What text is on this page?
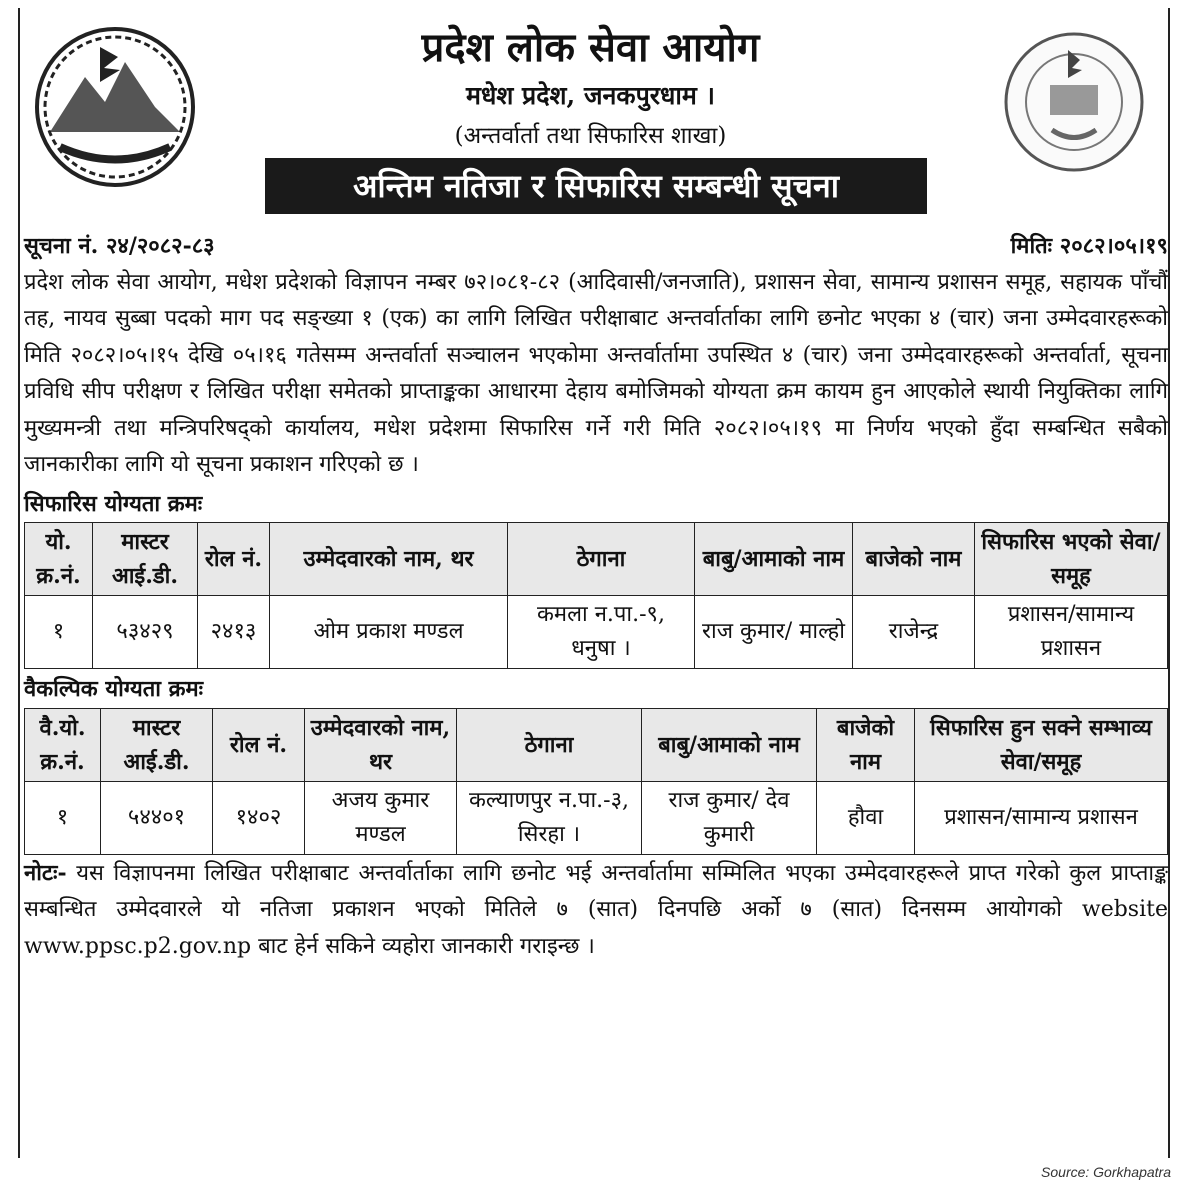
प्रदेश लोक सेवा आयोग
मधेश प्रदेश, जनकपुरधाम ।
(अन्तर्वार्ता तथा सिफारिस शाखा)
अन्तिम नतिजा र सिफारिस सम्बन्धी सूचना
सूचना नं. २४/२०८२-८३	मितिः २०८२।०५।१९
प्रदेश लोक सेवा आयोग, मधेश प्रदेशको विज्ञापन नम्बर ७२।०८१-८२ (आदिवासी/जनजाति), प्रशासन सेवा, सामान्य प्रशासन समूह, सहायक पाँचौं तह, नायव सुब्बा पदको माग पद सङ्ख्या १ (एक) का लागि लिखित परीक्षाबाट अन्तर्वार्ताका लागि छनोट भएका ४ (चार) जना उम्मेदवारहरूको मिति २०८२।०५।१५ देखि ०५।१६ गतेसम्म अन्तर्वार्ता सञ्चालन भएकोमा अन्तर्वार्तामा उपस्थित ४ (चार) जना उम्मेदवारहरूको अन्तर्वार्ता, सूचना प्रविधि सीप परीक्षण र लिखित परीक्षा समेतको प्राप्ताङ्कका आधारमा देहाय बमोजिमको योग्यता क्रम कायम हुन आएकोले स्थायी नियुक्तिका लागि मुख्यमन्त्री तथा मन्त्रिपरिषद्को कार्यालय, मधेश प्रदेशमा सिफारिस गर्ने गरी मिति २०८२।०५।१९ मा निर्णय भएको हुँदा सम्बन्धित सबैको जानकारीका लागि यो सूचना प्रकाशन गरिएको छ ।
सिफारिस योग्यता क्रमः
यो. क्र.नं.	मास्टर आई.डी.	रोल नं.	उम्मेदवारको नाम, थर	ठेगाना	बाबु/आमाको नाम	बाजेको नाम	सिफारिस भएको सेवा/समूह
१	५३४२९	२४१३	ओम प्रकाश मण्डल	कमला न.पा.-९, धनुषा ।	राज कुमार/ माल्हो	राजेन्द्र	प्रशासन/सामान्य प्रशासन
वैकल्पिक योग्यता क्रमः
वै.यो. क्र.नं.	मास्टर आई.डी.	रोल नं.	उम्मेदवारको नाम, थर	ठेगाना	बाबु/आमाको नाम	बाजेको नाम	सिफारिस हुन सक्ने सम्भाव्य सेवा/समूह
१	५४४०१	१४०२	अजय कुमार मण्डल	कल्याणपुर न.पा.-३, सिरहा ।	राज कुमार/ देव कुमारी	हौवा	प्रशासन/सामान्य प्रशासन
नोटः- यस विज्ञापनमा लिखित परीक्षाबाट अन्तर्वार्ताका लागि छनोट भई अन्तर्वार्तामा सम्मिलित भएका उम्मेदवारहरूले प्राप्त गरेको कुल प्राप्ताङ्क सम्बन्धित उम्मेदवारले यो नतिजा प्रकाशन भएको मितिले ७ (सात) दिनपछि अर्को ७ (सात) दिनसम्म आयोगको website www.ppsc.p2.gov.np बाट हेर्न सकिने व्यहोरा जानकारी गराइन्छ ।
Source: Gorkhapatra
